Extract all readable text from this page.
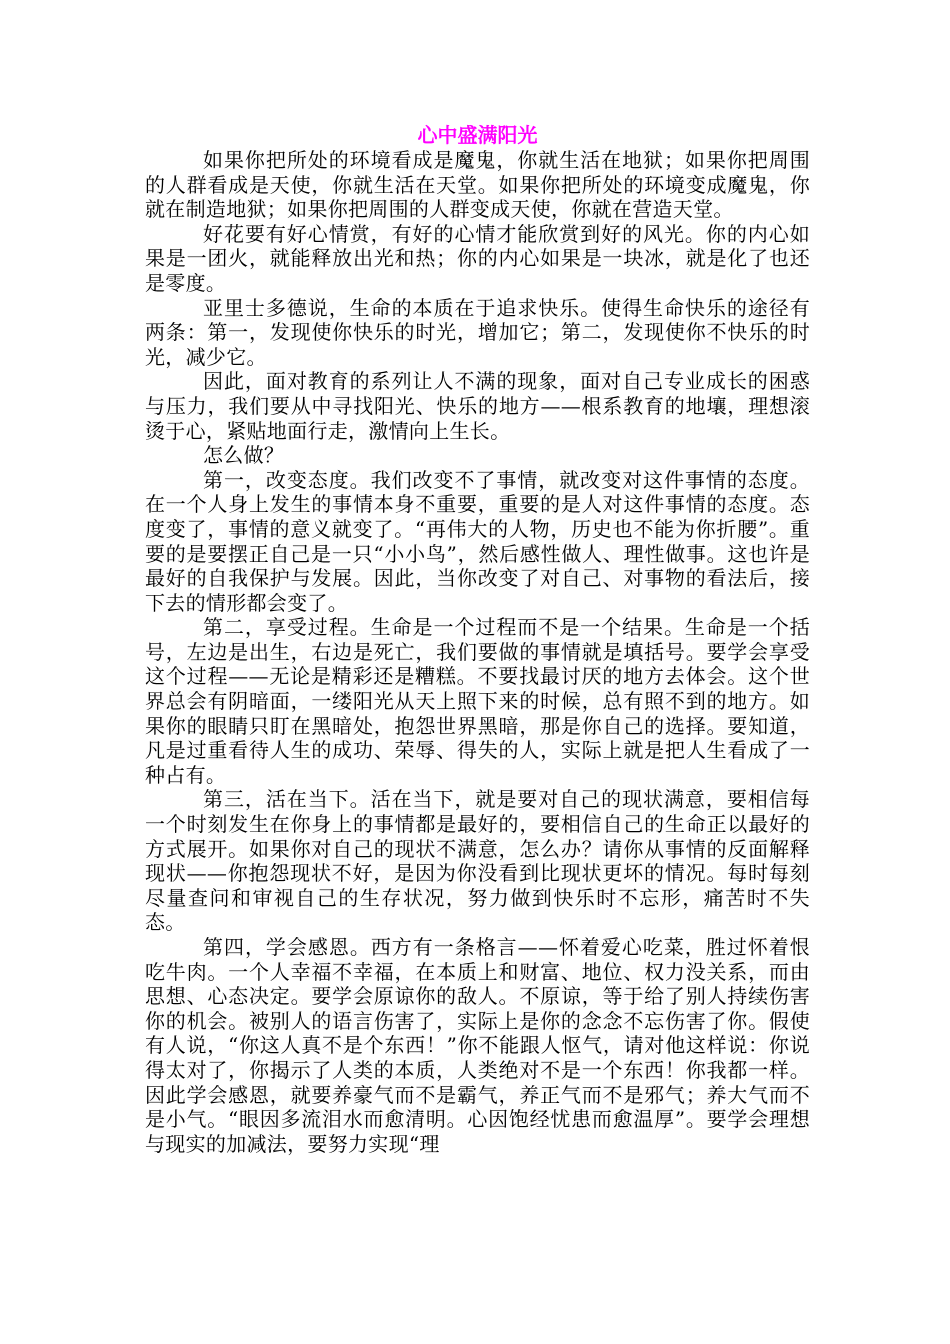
心中盛满阳光

如果你把所处的环境看成是魔鬼，你就生活在地狱；如果你把周围的人群看成是天使，你就生活在天堂。如果你把所处的环境变成魔鬼，你就在制造地狱；如果你把周围的人群变成天使，你就在营造天堂。

好花要有好心情赏，有好的心情才能欣赏到好的风光。你的内心如果是一团火，就能释放出光和热；你的内心如果是一块冰，就是化了也还是零度。

亚里士多德说，生命的本质在于追求快乐。使得生命快乐的途径有两条：第一，发现使你快乐的时光，增加它；第二，发现使你不快乐的时光，减少它。

因此，面对教育的系列让人不满的现象，面对自己专业成长的困惑与压力，我们要从中寻找阳光、快乐的地方——根系教育的地壤，理想滚烫于心，紧贴地面行走，激情向上生长。

怎么做？

第一，改变态度。我们改变不了事情，就改变对这件事情的态度。在一个人身上发生的事情本身不重要，重要的是人对这件事情的态度。态度变了，事情的意义就变了。“再伟大的人物，历史也不能为你折腰”。重要的是要摆正自己是一只“小小鸟”，然后感性做人、理性做事。这也许是最好的自我保护与发展。因此，当你改变了对自己、对事物的看法后，接下去的情形都会变了。

第二，享受过程。生命是一个过程而不是一个结果。生命是一个括号，左边是出生，右边是死亡，我们要做的事情就是填括号。要学会享受这个过程——无论是精彩还是糟糕。不要找最讨厌的地方去体会。这个世界总会有阴暗面，一缕阳光从天上照下来的时候，总有照不到的地方。如果你的眼睛只盯在黑暗处，抱怨世界黑暗，那是你自己的选择。要知道，凡是过重看待人生的成功、荣辱、得失的人，实际上就是把人生看成了一种占有。

第三，活在当下。活在当下，就是要对自己的现状满意，要相信每一个时刻发生在你身上的事情都是最好的，要相信自己的生命正以最好的方式展开。如果你对自己的现状不满意，怎么办？请你从事情的反面解释现状——你抱怨现状不好，是因为你没看到比现状更坏的情况。每时每刻尽量查问和审视自己的生存状况，努力做到快乐时不忘形，痛苦时不失态。

第四，学会感恩。西方有一条格言——怀着爱心吃菜，胜过怀着恨吃牛肉。一个人幸福不幸福，在本质上和财富、地位、权力没关系，而由思想、心态决定。要学会原谅你的敌人。不原谅，等于给了别人持续伤害你的机会。被别人的语言伤害了，实际上是你的念念不忘伤害了你。假使有人说，“你这人真不是个东西！”你不能跟人怄气，请对他这样说：你说得太对了，你揭示了人类的本质，人类绝对不是一个东西！你我都一样。因此学会感恩，就要养豪气而不是霸气，养正气而不是邪气；养大气而不是小气。“眼因多流泪水而愈清明。心因饱经忧患而愈温厚”。要学会理想与现实的加减法，要努力实现“理
